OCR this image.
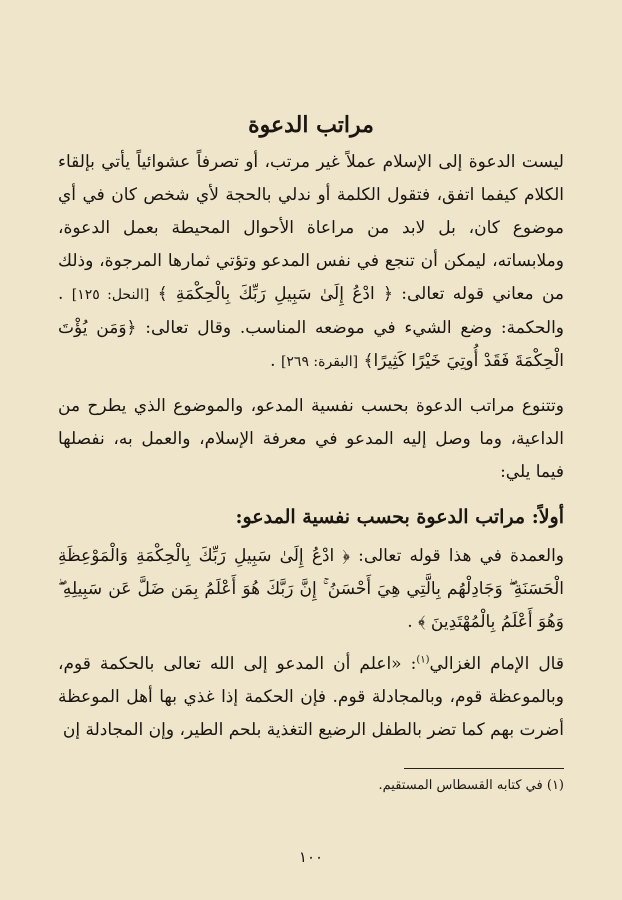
مراتب الدعوة

ليست الدعوة إلى الإسلام عملاً غير مرتب، أو تصرفاً عشوائياً يأتي بإلقاء الكلام كيفما اتفق، فتقول الكلمة أو ندلي بالحجة لأي شخص كان في أي موضوع كان، بل لابد من مراعاة الأحوال المحيطة بعمل الدعوة، وملابساته، ليمكن أن تنجع في نفس المدعو وتؤتي ثمارها المرجوة، وذلك من معاني قوله تعالى: ﴿ ادْعُ إِلَىٰ سَبِيلِ رَبِّكَ بِالْحِكْمَةِ ﴾ [النحل: ١٢٥] . والحكمة: وضع الشيء في موضعه المناسب. وقال تعالى: ﴿وَمَن يُؤْتَ الْحِكْمَةَ فَقَدْ أُوتِيَ خَيْرًا كَثِيرًا﴾ [البقرة: ٢٦٩] .

وتتنوع مراتب الدعوة بحسب نفسية المدعو، والموضوع الذي يطرح من الداعية، وما وصل إليه المدعو في معرفة الإسلام، والعمل به، نفصلها فيما يلي:

أولاً: مراتب الدعوة بحسب نفسية المدعو:

والعمدة في هذا قوله تعالى: ﴿ ادْعُ إِلَىٰ سَبِيلِ رَبِّكَ بِالْحِكْمَةِ وَالْمَوْعِظَةِ الْحَسَنَةِ ۖ وَجَادِلْهُم بِالَّتِي هِيَ أَحْسَنُ ۚ إِنَّ رَبَّكَ هُوَ أَعْلَمُ بِمَن ضَلَّ عَن سَبِيلِهِ ۖ وَهُوَ أَعْلَمُ بِالْمُهْتَدِينَ ﴾ .

قال الإمام الغزالي$^{(١)}$: «اعلم أن المدعو إلى الله تعالى بالحكمة قوم، وبالموعظة قوم، وبالمجادلة قوم. فإن الحكمة إذا غذي بها أهل الموعظة أضرت بهم كما تضر بالطفل الرضيع التغذية بلحم الطير، وإن المجادلة إن

(١) في كتابه القسطاس المستقيم.
١٠٠
